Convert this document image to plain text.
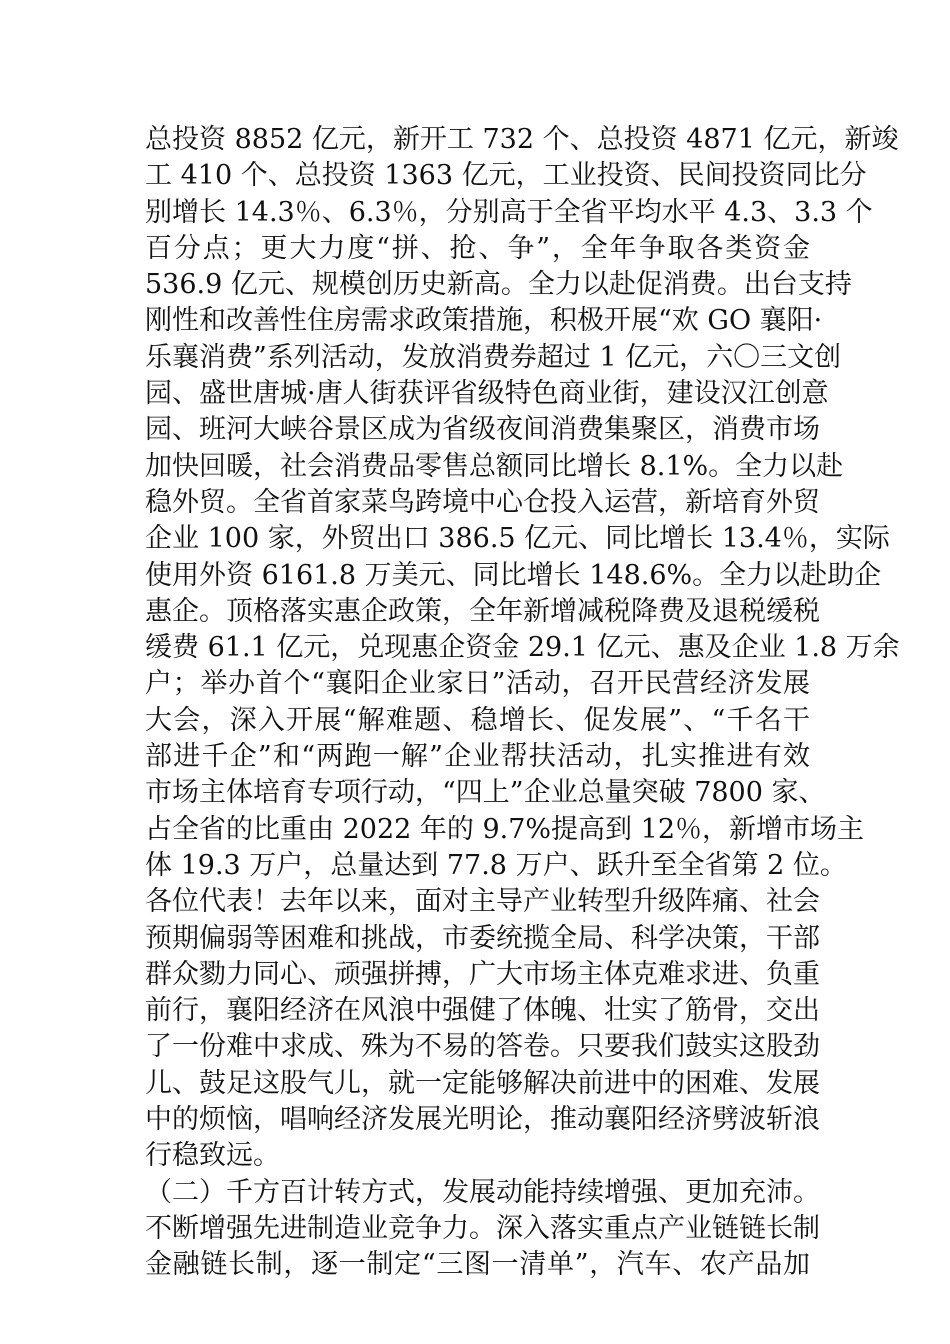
总投资 8852 亿元，新开工 732 个、总投资 4871 亿元，新竣
工 410 个、总投资 1363 亿元，工业投资、民间投资同比分
别增长 14.3％、6.3％，分别高于全省平均水平 4.3、3.3 个
百分点；更大力度“拼、抢、争”，全年争取各类资金
536.9 亿元、规模创历史新高。全力以赴促消费。出台支持
刚性和改善性住房需求政策措施，积极开展“欢 GO 襄阳·
乐襄消费”系列活动，发放消费券超过 1 亿元，六〇三文创
园、盛世唐城·唐人街获评省级特色商业街，建设汉江创意
园、班河大峡谷景区成为省级夜间消费集聚区，消费市场
加快回暖，社会消费品零售总额同比增长 8.1%。全力以赴
稳外贸。全省首家菜鸟跨境中心仓投入运营，新培育外贸
企业 100 家，外贸出口 386.5 亿元、同比增长 13.4％，实际
使用外资 6161.8 万美元、同比增长 148.6%。全力以赴助企
惠企。顶格落实惠企政策，全年新增减税降费及退税缓税
缓费 61.1 亿元，兑现惠企资金 29.1 亿元、惠及企业 1.8 万余
户；举办首个“襄阳企业家日”活动，召开民营经济发展
大会，深入开展“解难题、稳增长、促发展”、“千名干
部进千企”和“两跑一解”企业帮扶活动，扎实推进有效
市场主体培育专项行动，“四上”企业总量突破 7800 家、
占全省的比重由 2022 年的 9.7%提高到 12％，新增市场主
体 19.3 万户，总量达到 77.8 万户、跃升至全省第 2 位。
各位代表！去年以来，面对主导产业转型升级阵痛、社会
预期偏弱等困难和挑战，市委统揽全局、科学决策，干部
群众勠力同心、顽强拼搏，广大市场主体克难求进、负重
前行，襄阳经济在风浪中强健了体魄、壮实了筋骨，交出
了一份难中求成、殊为不易的答卷。只要我们鼓实这股劲
儿、鼓足这股气儿，就一定能够解决前进中的困难、发展
中的烦恼，唱响经济发展光明论，推动襄阳经济劈波斩浪
行稳致远。
（二）千方百计转方式，发展动能持续增强、更加充沛。
不断增强先进制造业竞争力。深入落实重点产业链链长制
金融链长制，逐一制定“三图一清单”，汽车、农产品加
